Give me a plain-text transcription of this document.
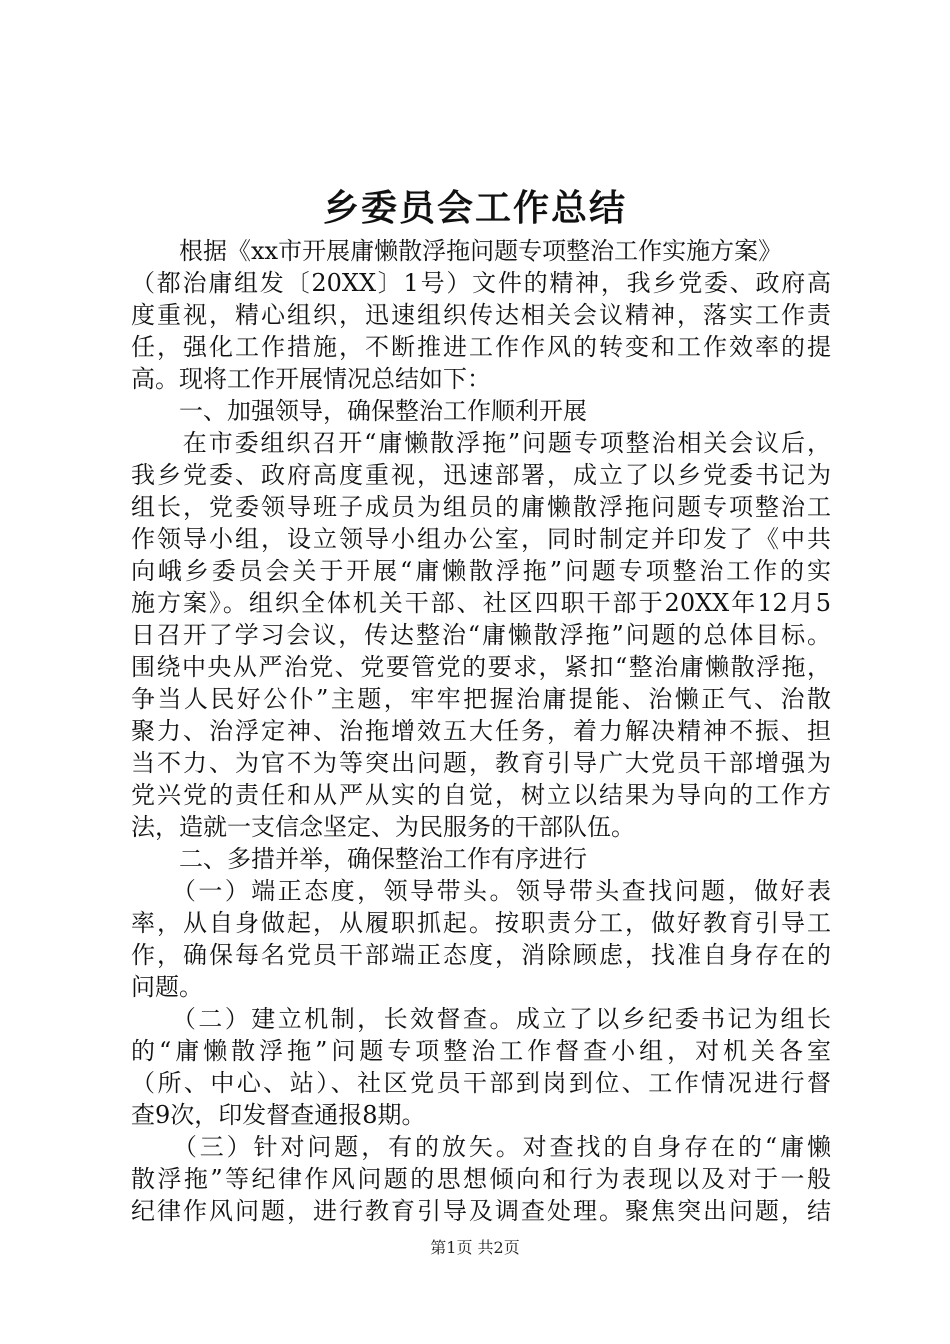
乡委员会工作总结
　　根据《xx市开展庸懒散浮拖问题专项整治工作实施方案》
（都治庸组发〔20XX〕1号）文件的精神，我乡党委、政府高
度重视，精心组织，迅速组织传达相关会议精神，落实工作责
任，强化工作措施，不断推进工作作风的转变和工作效率的提
高。现将工作开展情况总结如下：
　　一、加强领导，确保整治工作顺利开展
　　在市委组织召开“庸懒散浮拖”问题专项整治相关会议后，
我乡党委、政府高度重视，迅速部署，成立了以乡党委书记为
组长，党委领导班子成员为组员的庸懒散浮拖问题专项整治工
作领导小组，设立领导小组办公室，同时制定并印发了《中共
向峨乡委员会关于开展“庸懒散浮拖”问题专项整治工作的实
施方案》。组织全体机关干部、社区四职干部于20XX年12月5
日召开了学习会议，传达整治“庸懒散浮拖”问题的总体目标。
围绕中央从严治党、党要管党的要求，紧扣“整治庸懒散浮拖，
争当人民好公仆”主题，牢牢把握治庸提能、治懒正气、治散
聚力、治浮定神、治拖增效五大任务，着力解决精神不振、担
当不力、为官不为等突出问题，教育引导广大党员干部增强为
党兴党的责任和从严从实的自觉，树立以结果为导向的工作方
法，造就一支信念坚定、为民服务的干部队伍。
　　二、多措并举，确保整治工作有序进行
　　（一）端正态度，领导带头。领导带头查找问题，做好表
率，从自身做起，从履职抓起。按职责分工，做好教育引导工
作，确保每名党员干部端正态度，消除顾虑，找准自身存在的
问题。
　　（二）建立机制，长效督查。成立了以乡纪委书记为组长
的“庸懒散浮拖”问题专项整治工作督查小组，对机关各室
（所、中心、站）、社区党员干部到岗到位、工作情况进行督
查9次，印发督查通报8期。
　　（三）针对问题，有的放矢。对查找的自身存在的“庸懒
散浮拖”等纪律作风问题的思想倾向和行为表现以及对于一般
纪律作风问题，进行教育引导及调查处理。聚焦突出问题，结
第1页 共2页
